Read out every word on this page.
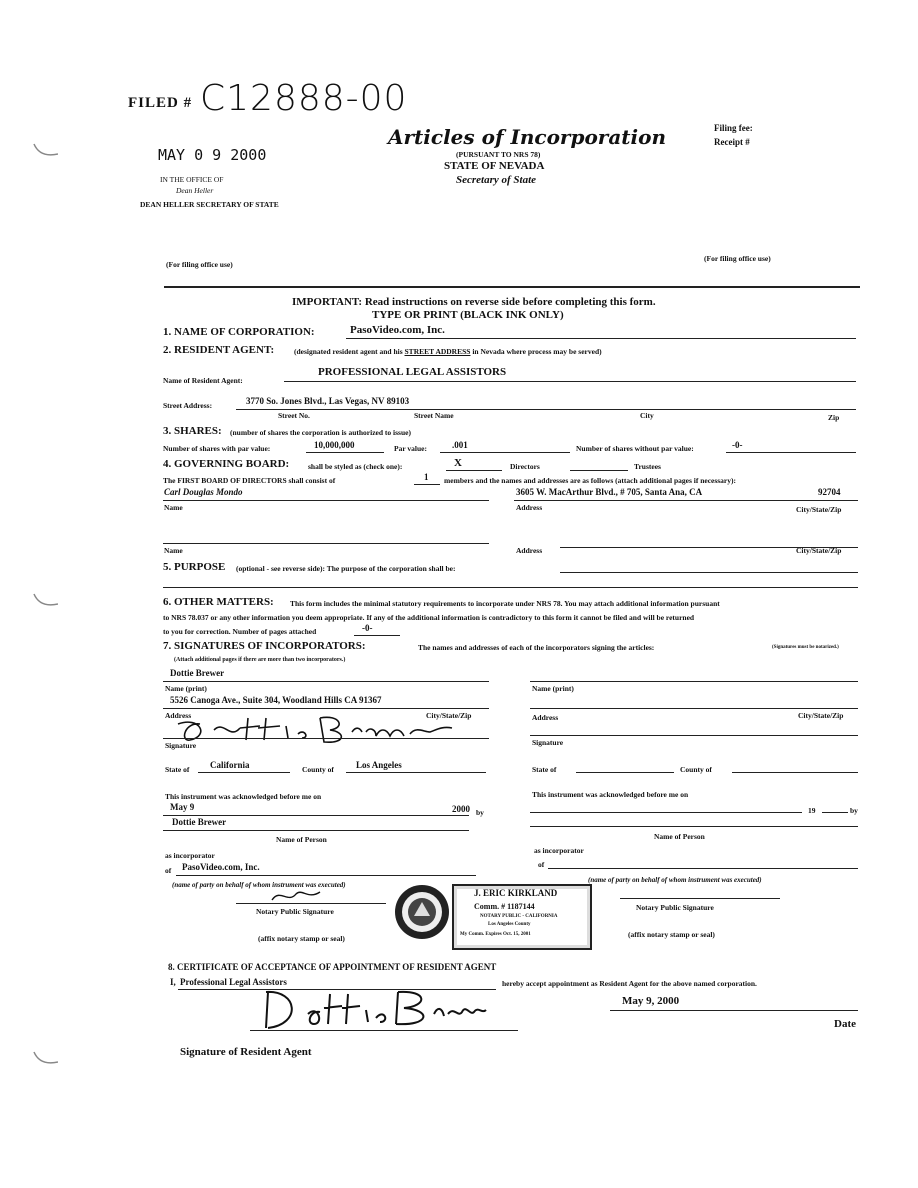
FILED # C12888-00
MAY 0 9 2000
IN THE OFFICE OF
Dean Heller
DEAN HELLER SECRETARY OF STATE
Articles of Incorporation
(PURSUANT TO NRS 78)
STATE OF NEVADA
Secretary of State
Filing fee:
Receipt #
(For filing office use)
(For filing office use)
IMPORTANT: Read instructions on reverse side before completing this form.
TYPE OR PRINT (BLACK INK ONLY)
1. NAME OF CORPORATION:	PasoVideo.com, Inc.
2. RESIDENT AGENT:	(designated resident agent and his STREET ADDRESS in Nevada where process may be served)
Name of Resident Agent:
PROFESSIONAL LEGAL ASSISTORS
Street Address:	3770 So. Jones Blvd., Las Vegas, NV 89103
Street No.	Street Name	City	Zip
3. SHARES: (number of shares the corporation is authorized to issue)
Number of shares with par value:	10,000,000	Par value:	.001	Number of shares without par value:	-0-
4. GOVERNING BOARD:	shall be styled as (check one):	X	Directors	Trustees
The FIRST BOARD OF DIRECTORS shall consist of	1 members and the names and addresses are as follows (attach additional pages if necessary):
Carl Douglas Mondo	3605 W. MacArthur Blvd., # 705, Santa Ana, CA	92704
Name	Address	City/State/Zip
Name	Address	City/State/Zip
5. PURPOSE (optional - see reverse side): The purpose of the corporation shall be:
6. OTHER MATTERS: This form includes the minimal statutory requirements to incorporate under NRS 78. You may attach additional information pursuant
to NRS 78.037 or any other information you deem appropriate. If any of the additional information is contradictory to this form it cannot be filed and will be returned
to you for correction. Number of pages attached	-0-
7. SIGNATURES OF INCORPORATORS:	The names and addresses of each of the incorporators signing the articles:	(Signatures must be notarized.)
(Attach additional pages if there are more than two incorporators.)
Dottie Brewer
Name (print)
5526 Canoga Ave., Suite 304, Woodland Hills CA 91367
Address	City/State/Zip
Signature
State of California	County of Los Angeles
This instrument was acknowledged before me on
May 9	2000 by
Dottie Brewer
Name of Person
as incorporator
of PasoVideo.com, Inc.
(name of party on behalf of whom instrument was executed)
Notary Public Signature
(affix notary stamp or seal)
J. ERIC KIRKLAND
Comm. # 1187144
NOTARY PUBLIC - CALIFORNIA
Los Angeles County
My Comm. Expires Oct. 15, 2001
Name (print)
Address	City/State/Zip
Signature
State of	County of
This instrument was acknowledged before me on
19	by
Name of Person
as incorporator
of
(name of party on behalf of whom instrument was executed)
Notary Public Signature
(affix notary stamp or seal)
8. CERTIFICATE OF ACCEPTANCE OF APPOINTMENT OF RESIDENT AGENT
I, Professional Legal Assistors	hereby accept appointment as Resident Agent for the above named corporation.
Signature of Resident Agent
May 9, 2000
Date
